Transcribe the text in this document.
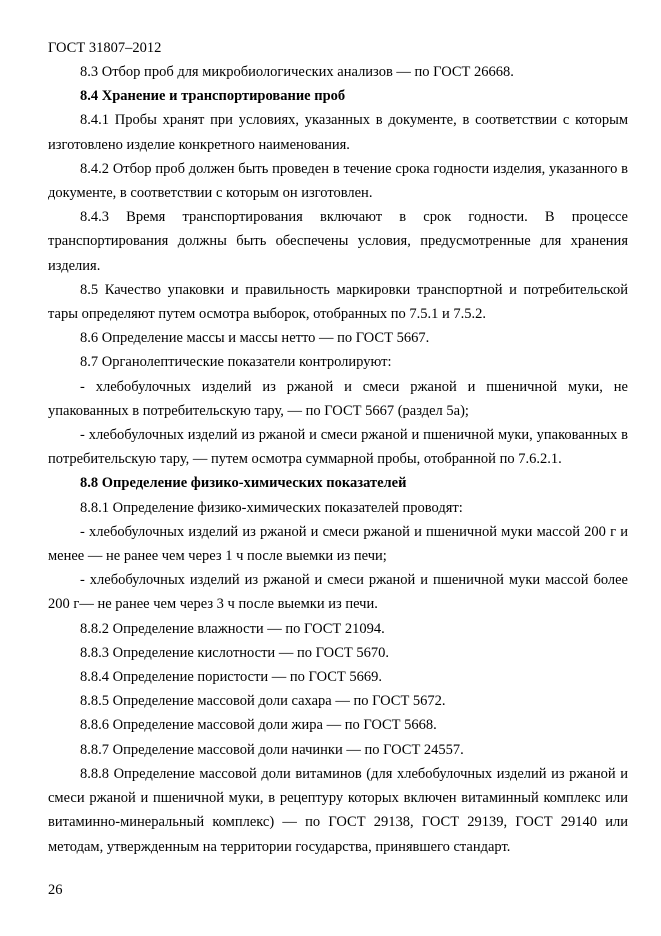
ГОСТ 31807–2012

8.3 Отбор проб для микробиологических анализов — по ГОСТ 26668.

8.4 Хранение и транспортирование проб

8.4.1 Пробы хранят при условиях, указанных в документе, в соответствии с которым изготовлено изделие конкретного наименования.

8.4.2 Отбор проб должен быть проведен в течение срока годности изделия, указанного в документе, в соответствии с которым он изготовлен.

8.4.3 Время транспортирования включают в срок годности. В процессе транспортирования должны быть обеспечены условия, предусмотренные для хранения изделия.

8.5 Качество упаковки и правильность маркировки транспортной и потребительской тары определяют путем осмотра выборок, отобранных по 7.5.1 и 7.5.2.

8.6 Определение массы и массы нетто — по ГОСТ 5667.

8.7 Органолептические показатели контролируют:

- хлебобулочных изделий из ржаной и смеси ржаной и пшеничной муки, не упакованных в потребительскую тару, — по ГОСТ 5667 (раздел 5а);

- хлебобулочных изделий из ржаной и смеси ржаной и пшеничной муки, упакованных в потребительскую тару, — путем осмотра суммарной пробы, отобранной по 7.6.2.1.

8.8 Определение физико-химических показателей

8.8.1 Определение физико-химических показателей проводят:

- хлебобулочных изделий из ржаной и смеси ржаной и пшеничной муки массой 200 г и менее — не ранее чем через 1 ч после выемки из печи;

- хлебобулочных изделий из ржаной и смеси ржаной и пшеничной муки массой более 200 г— не ранее чем через 3 ч после выемки из печи.

8.8.2 Определение влажности — по ГОСТ 21094.

8.8.3 Определение кислотности — по ГОСТ 5670.

8.8.4 Определение пористости — по ГОСТ 5669.

8.8.5 Определение массовой доли сахара — по ГОСТ 5672.

8.8.6 Определение массовой доли жира — по ГОСТ 5668.

8.8.7 Определение массовой доли начинки — по ГОСТ 24557.

8.8.8 Определение массовой доли витаминов (для хлебобулочных изделий из ржаной и смеси ржаной и пшеничной муки, в рецептуру которых включен витаминный комплекс или витаминно-минеральный комплекс) — по ГОСТ 29138, ГОСТ 29139, ГОСТ 29140 или методам, утвержденным на территории государства, принявшего стандарт.

26
